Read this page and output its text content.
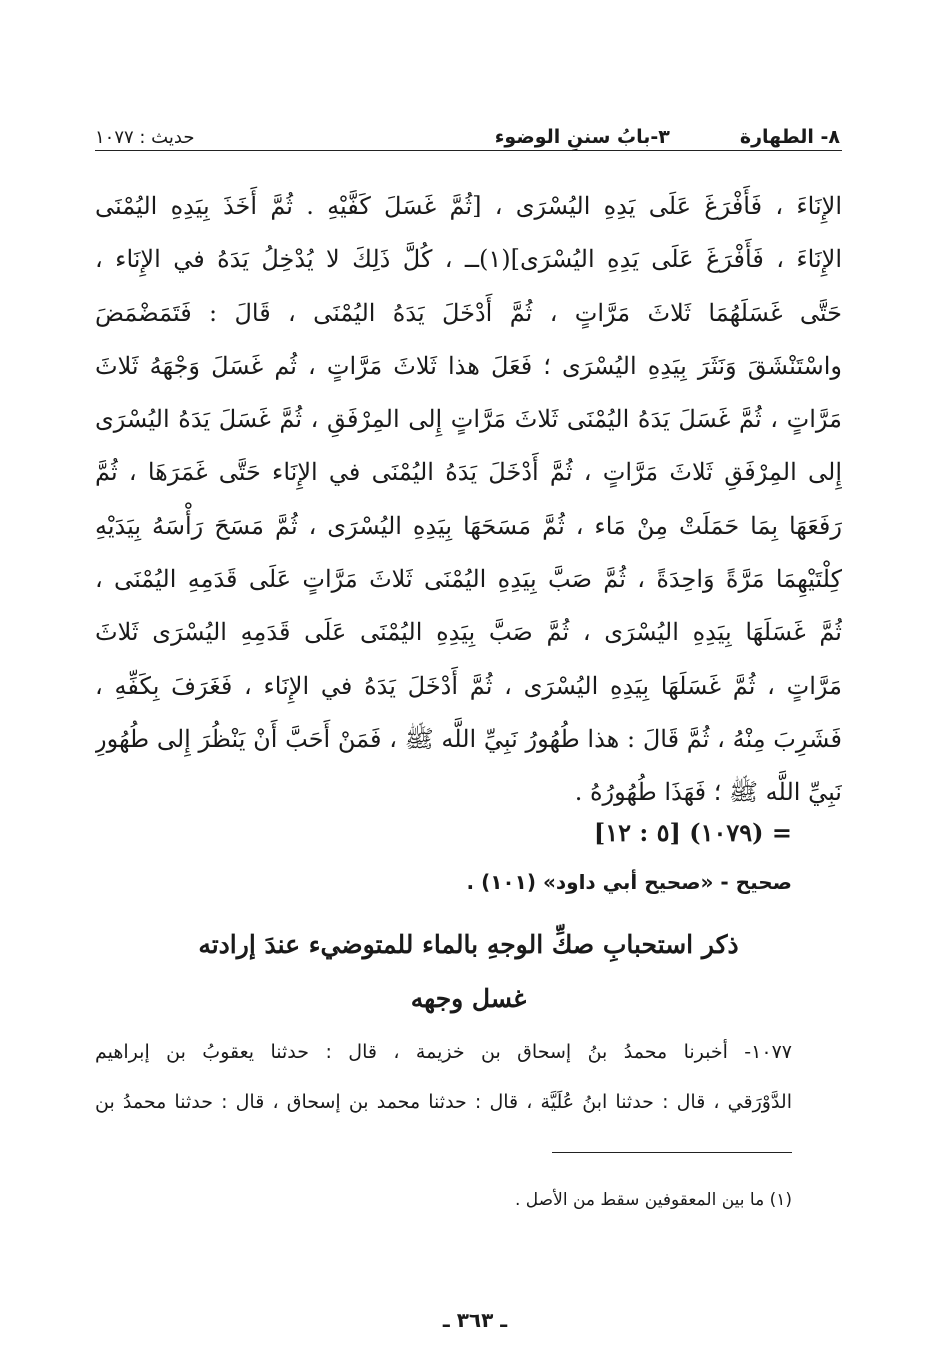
٨- الطهارة
٣-بابُ سننِ الوضوء
حديث : ١٠٧٧
الإِنَاءَ ، فَأَفْرَغَ عَلَى يَدِهِ اليُسْرَى ، [ثُمَّ غَسَلَ كَفَّيْهِ . ثُمَّ أَخَذَ بِيَدِهِ اليُمْنَى
الإِنَاءَ ، فَأَفْرَغَ عَلَى يَدِهِ اليُسْرَى](١)ــ ، كُلَّ ذَلِكَ لا يُدْخِلُ يَدَهُ في الإِنَاء ،
حَتَّى غَسَلَهُمَا ثَلاثَ مَرَّاتٍ ، ثُمَّ أَدْخَلَ يَدَهُ اليُمْنَى ، قَالَ : فَتَمَضْمَضَ
واسْتَنْشَقَ وَنَثَرَ بِيَدِهِ اليُسْرَى ؛ فَعَلَ هذا ثَلاثَ مَرَّاتٍ ، ثُم غَسَلَ وَجْهَهُ ثَلاثَ
مَرَّاتٍ ، ثُمَّ غَسَلَ يَدَهُ اليُمْنَى ثَلاثَ مَرَّاتٍ إِلى المِرْفَقِ ، ثُمَّ غَسَلَ يَدَهُ اليُسْرَى
إِلى المِرْفَقِ ثَلاثَ مَرَّاتٍ ، ثُمَّ أَدْخَلَ يَدَهُ اليُمْنَى في الإِنَاء حَتَّى غَمَرَهَا ، ثُمَّ
رَفَعَهَا بِمَا حَمَلَتْ مِنْ مَاء ، ثُمَّ مَسَحَهَا بِيَدِهِ اليُسْرَى ، ثُمَّ مَسَحَ رَأْسَهُ بِيَدَيْهِ
كِلْتَيْهِمَا مَرَّةً وَاحِدَةً ، ثُمَّ صَبَّ بِيَدِهِ اليُمْنَى ثَلاثَ مَرَّاتٍ عَلَى قَدَمِهِ اليُمْنَى ،
ثُمَّ غَسَلَهَا بِيَدِهِ اليُسْرَى ، ثُمَّ صَبَّ بِيَدِهِ اليُمْنَى عَلَى قَدَمِهِ اليُسْرَى ثَلاثَ
مَرَّاتٍ ، ثُمَّ غَسَلَهَا بِيَدِهِ اليُسْرَى ، ثُمَّ أَدْخَلَ يَدَهُ في الإِنَاء ، فَغَرَفَ بِكَفِّهِ ،
فَشَرِبَ مِنْهُ ، ثُمَّ قَالَ : هذا طُهُورُ نَبِيِّ اللَّه ﷺ ، فَمَنْ أَحَبَّ أَنْ يَنْظُرَ إِلى طُهُورِ
نَبِيِّ اللَّه ﷺ ؛ فَهَذَا طُهُورُهُ .
= (١٠٧٩) [٥ : ١٢]
صحيح - «صحيح أبي داود» (١٠١) .
ذكر استحبابِ صكِّ الوجهِ بالماء للمتوضيء عندَ إرادته
غسل وجهه
١٠٧٧- أخبرنا محمدُ بنُ إسحاق بن خزيمة ، قال : حدثنا يعقوبُ بن إبراهيم
الدَّوْرَقي ، قال : حدثنا ابنُ عُلَيَّة ، قال : حدثنا محمد بن إسحاق ، قال : حدثنا محمدُ بن
(١) ما بين المعقوفين سقط من الأصل .
ـ ٣٦٣ ـ
